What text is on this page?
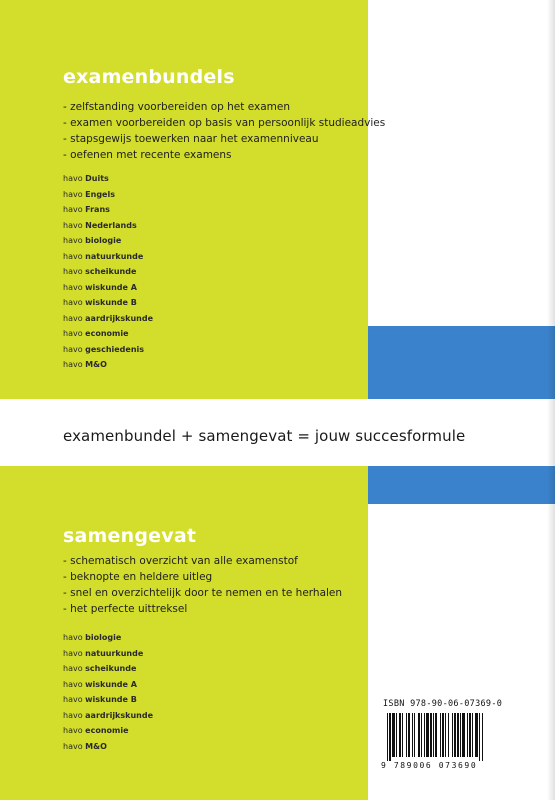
examenbundels
- zelfstanding voorbereiden op het examen
- examen voorbereiden op basis van persoonlijk studieadvies
- stapsgewijs toewerken naar het examenniveau
- oefenen met recente examens
havo Duits
havo Engels
havo Frans
havo Nederlands
havo biologie
havo natuurkunde
havo scheikunde
havo wiskunde A
havo wiskunde B
havo aardrijkskunde
havo economie
havo geschiedenis
havo M&O

examenbundel + samengevat = jouw succesformule

samengevat
- schematisch overzicht van alle examenstof
- beknopte en heldere uitleg
- snel en overzichtelijk door te nemen en te herhalen
- het perfecte uittreksel
havo biologie
havo natuurkunde
havo scheikunde
havo wiskunde A
havo wiskunde B
havo aardrijkskunde
havo economie
havo M&O
ISBN 978-90-06-07369-0
9 789006 073690
